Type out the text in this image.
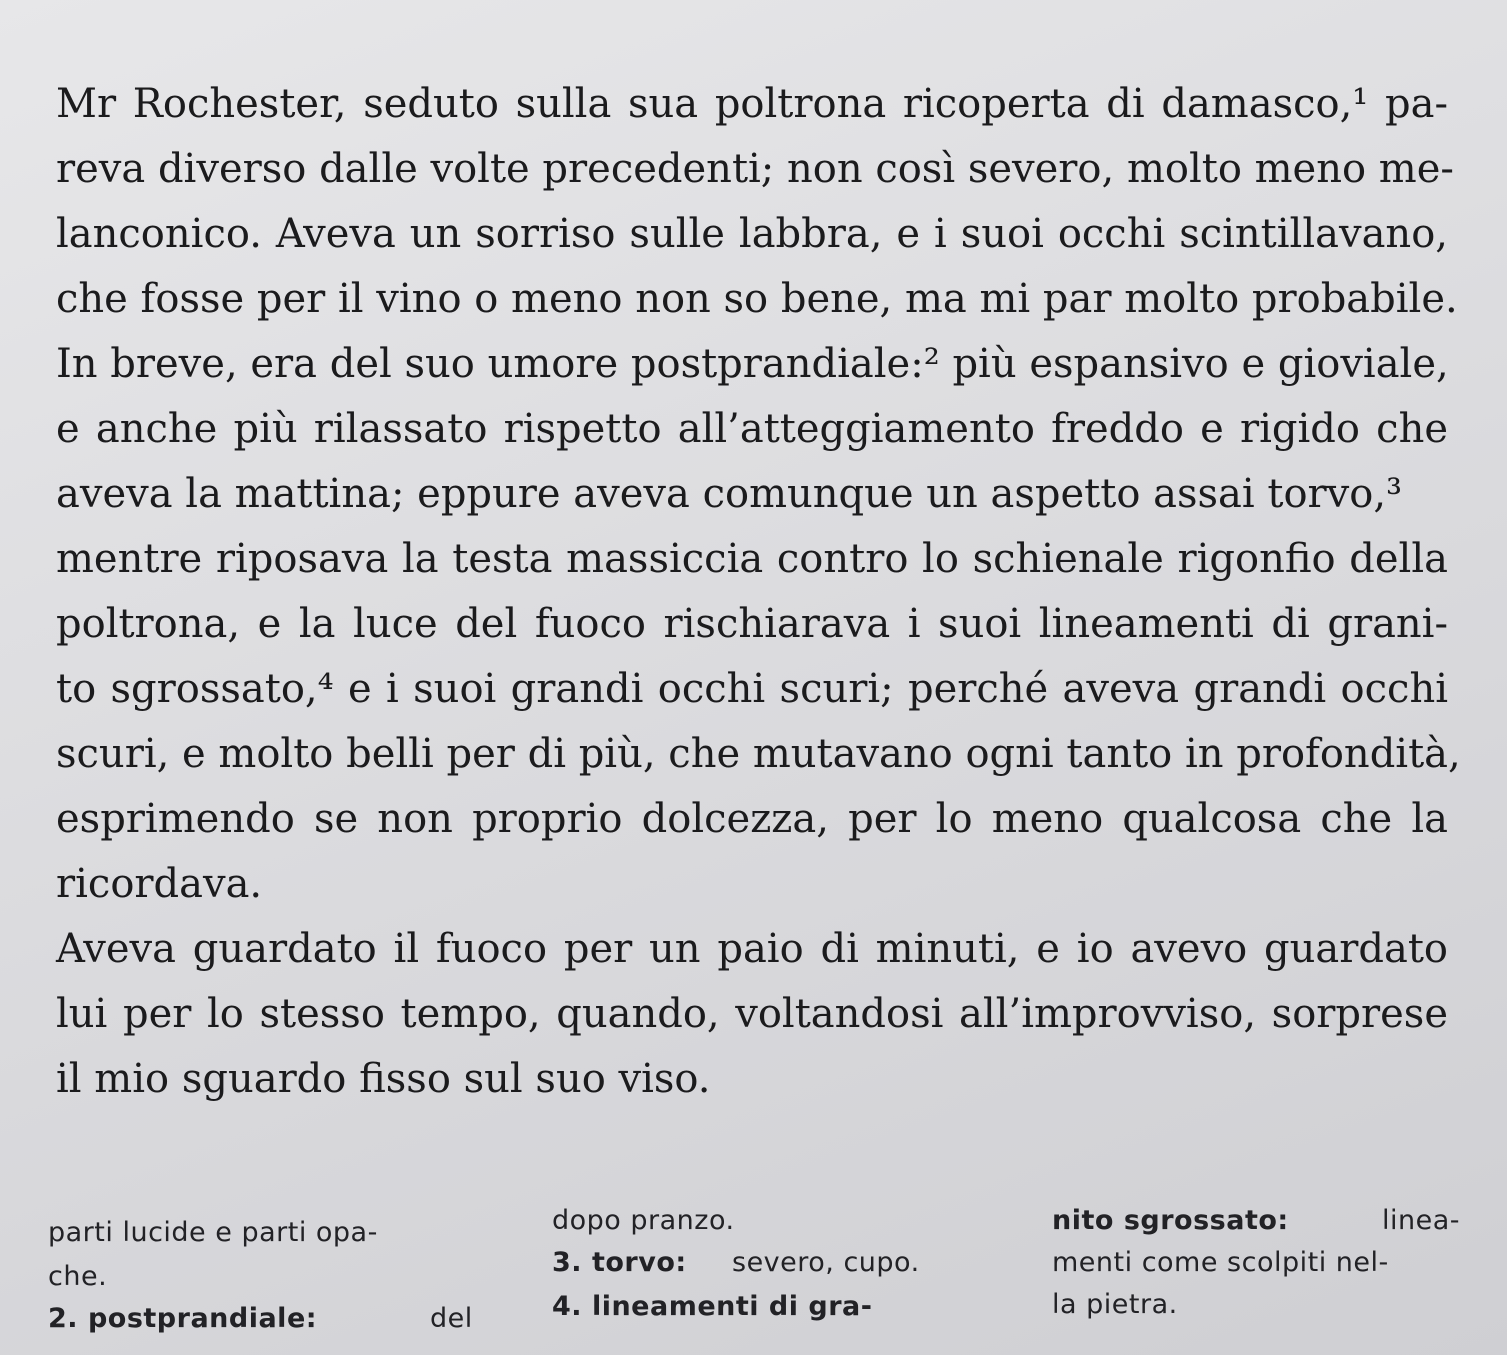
Mr Rochester, seduto sulla sua poltrona ricoperta di damasco,¹ pa-
reva diverso dalle volte precedenti; non così severo, molto meno me-
lanconico. Aveva un sorriso sulle labbra, e i suoi occhi scintillavano,
che fosse per il vino o meno non so bene, ma mi par molto probabile.
In breve, era del suo umore postprandiale:² più espansivo e gioviale,
e anche più rilassato rispetto all’atteggiamento freddo e rigido che
aveva la mattina; eppure aveva comunque un aspetto assai torvo,³
mentre riposava la testa massiccia contro lo schienale rigonfio della
poltrona, e la luce del fuoco rischiarava i suoi lineamenti di grani-
to sgrossato,⁴ e i suoi grandi occhi scuri; perché aveva grandi occhi
scuri, e molto belli per di più, che mutavano ogni tanto in profondità,
esprimendo se non proprio dolcezza, per lo meno qualcosa che la
ricordava.
Aveva guardato il fuoco per un paio di minuti, e io avevo guardato
lui per lo stesso tempo, quando, voltandosi all’improvviso, sorprese
il mio sguardo fisso sul suo viso.
parti lucide e parti opa-
che.
2. postprandiale:	del
dopo pranzo.
3. torvo: severo, cupo.
4. lineamenti di gra-
nito sgrossato:	linea-
menti come scolpiti nel-
la pietra.
